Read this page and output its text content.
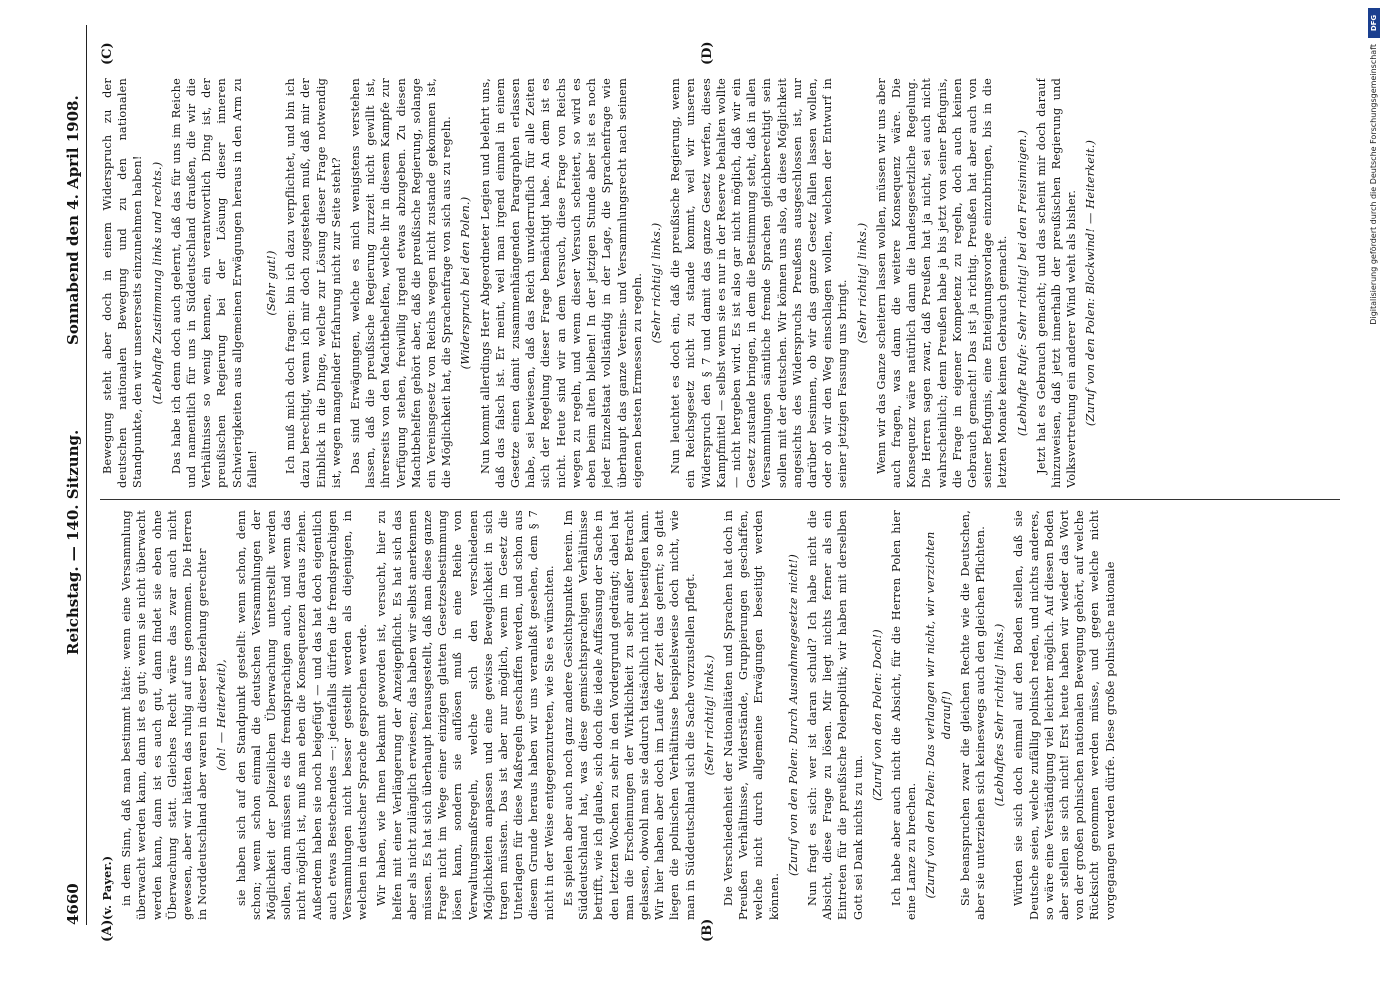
4660
Reichstag. — 140. Sitzung.
Sonnabend den 4. April 1908.
(A)	(B)
(C)	(D)

(v. Payer.) in dem Sinn, daß man bestimmt hätte: wenn eine Versammlung überwacht werden kann, dann ist es gut; wenn sie nicht überwacht werden kann, dann ist es auch gut, dann findet sie eben ohne Überwachung statt. Gleiches Recht wäre das zwar auch nicht gewesen, aber wir hätten das ruhig auf uns genommen. Die Herren in Norddeutschland aber waren in dieser Beziehung gerechter (oh! — Heiterkeit), sie haben sich auf den Standpunkt gestellt: wenn schon, denn schon; wenn schon einmal die deutschen Versammlungen der Möglichkeit der polizeilichen Überwachung unterstellt werden sollen, dann müssen es die fremdsprachigen auch, und wenn das nicht möglich ist, muß man eben die Konsequenzen daraus ziehen. Außerdem haben sie noch beigefügt — und das hat doch eigentlich auch etwas Bestechendes —: jedenfalls dürfen die fremdsprachigen Versammlungen nicht besser gestellt werden als diejenigen, in welchen in deutscher Sprache gesprochen werde. Wir haben, wie Ihnen bekannt geworden ist, versucht, hier zu helfen mit einer Verlängerung der Anzeigepflicht. Es hat sich das aber als nicht zulänglich erwiesen; das haben wir selbst anerkennen müssen. Es hat sich überhaupt herausgestellt, daß man diese ganze Frage nicht im Wege einer einzigen glatten Gesetzesbestimmung lösen kann, sondern sie auflösen muß in eine Reihe von Verwaltungsmaßregeln, welche sich den verschiedenen Möglichkeiten anpassen und eine gewisse Beweglichkeit in sich tragen müssten. Das ist aber nur möglich, wenn im Gesetz die Unterlagen für diese Maßregeln geschaffen werden, und schon aus diesem Grunde heraus haben wir uns veranlaßt gesehen, dem § 7 nicht in der Weise entgegenzutreten, wie Sie es wünschten. Es spielen aber auch noch ganz andere Gesichtspunkte herein. Im Süddeutschland hat, was diese gemischtsprachigen Verhältnisse betrifft, wie ich glaube, sich doch die ideale Auffassung der Sache in den letzten Wochen zu sehr in den Vordergrund gedrängt; dabei hat man die Erscheinungen der Wirklichkeit zu sehr außer Betracht gelassen, obwohl man sie dadurch tatsächlich nicht beseitigen kann. Wir hier haben aber doch im Laufe der Zeit das gelernt; so glatt liegen die polnischen Verhältnisse beispielsweise doch nicht, wie man in Süddeutschland sich die Sache vorzustellen pflegt. (Sehr richtig! links.) Die Verschiedenheit der Nationalitäten und Sprachen hat doch in Preußen Verhältnisse, Widerstände, Gruppierungen geschaffen, welche nicht durch allgemeine Erwägungen beseitigt werden können.

(Zuruf von den Polen: Durch Ausnahmegesetze nicht!) Nun fragt es sich: wer ist daran schuld? Ich habe nicht die Absicht, diese Frage zu lösen. Mir liegt nichts ferner als ein Eintreten für die preußische Polenpolitik; wir haben mit derselben Gott sei Dank nichts zu tun.

(Zuruf von den Polen: Doch!) Ich habe aber auch nicht die Absicht, für die Herren Polen hier eine Lanze zu brechen. (Zuruf von den Polen: Das verlangen wir nicht, wir verzichten darauf!) Sie beanspruchen zwar die gleichen Rechte wie die Deutschen, aber sie unterziehen sich keineswegs auch den gleichen Pflichten. (Lebhaftes Sehr richtig! links.) Würden sie sich doch einmal auf den Boden stellen, daß sie Deutsche seien, welche zufällig polnisch reden, und nichts anderes, so wäre eine Verständigung viel leichter möglich. Auf diesen Boden aber stellen sie sich nicht! Erst heute haben wir wieder das Wort von der großen polnischen nationalen Bewegung gehört, auf welche Rücksicht genommen werden müsse, und gegen welche nicht vorgegangen werden dürfe. Diese große polnische nationale

Bewegung steht aber doch in einem Widerspruch zu der deutschen nationalen Bewegung und zu den nationalen Standpunkte, den wir unsererseits einzunehmen haben! (Lebhafte Zustimmung links und rechts.) Das habe ich denn doch auch gelernt, daß das für uns im Reiche und namentlich für uns in Süddeutschland draußen, die wir die Verhältnisse so wenig kennen, ein verantwortlich Ding ist, der preußischen Regierung bei der Lösung dieser inneren Schwierigkeiten aus allgemeinen Erwägungen heraus in den Arm zu fallen!

(Sehr gut!) Ich muß mich doch fragen: bin ich dazu verpflichtet, und bin ich dazu berechtigt, wenn ich mir doch zugestehen muß, daß mir der Einblick in die Dinge, welche zur Lösung dieser Frage notwendig ist, wegen mangelnder Erfahrung nicht zur Seite steht? Das sind Erwägungen, welche es mich wenigstens verstehen lassen, daß die preußische Regierung zurzeit nicht gewillt ist, ihrerseits von den Machtbehelfen, welche ihr in diesem Kampfe zur Verfügung stehen, freiwillig irgend etwas abzugeben. Zu diesen Machtbehelfen gehört aber, daß die preußische Regierung, solange ein Vereinsgesetz von Reichs wegen nicht zustande gekommen ist, die Möglichkeit hat, die Sprachenfrage von sich aus zu regeln. (Widerspruch bei den Polen.) Nun kommt allerdings Herr Abgeordneter Legien und belehrt uns, daß das falsch ist. Er meint, weil man irgend einmal in einem Gesetze einen damit zusammenhängenden Paragraphen erlassen habe, sei bewiesen, daß das Reich unwiderruflich für alle Zeiten sich der Regelung dieser Frage bemächtigt habe. An dem ist es nicht. Heute sind wir an dem Versuch, diese Frage von Reichs wegen zu regeln, und wenn dieser Versuch scheitert, so wird es eben beim alten bleiben! In der jetzigen Stunde aber ist es noch jeder Einzelstaat vollständig in der Lage, die Sprachenfrage wie überhaupt das ganze Vereins- und Versammlungsrecht nach seinem eigenen besten Ermessen zu regeln. (Sehr richtig! links.) Nun leuchtet es doch ein, daß die preußische Regierung, wenn ein Reichsgesetz nicht zu stande kommt, weil wir unseren Widerspruch den § 7 und damit das ganze Gesetz werfen, dieses Kampfmittel — selbst wenn sie es nur in der Reserve behalten wollte — nicht hergeben wird. Es ist also gar nicht möglich, daß wir ein Gesetz zustande bringen, in dem die Bestimmung steht, daß in allen Versammlungen sämtliche fremde Sprachen gleichberechtigt sein sollen mit der deutschen. Wir können uns also, da diese Möglichkeit angesichts des Widerspruchs Preußens ausgeschlossen ist, nur darüber besinnen, ob wir das ganze Gesetz fallen lassen wollen, oder ob wir den Weg einschlagen wollen, welchen der Entwurf in seiner jetzigen Fassung uns bringt. (Sehr richtig! links.) Wenn wir das Ganze scheitern lassen wollen, müssen wir uns aber auch fragen, was dann die weitere Konsequenz wäre. Die Konsequenz wäre natürlich dann die landesgesetzliche Regelung. Die Herren sagen zwar, daß Preußen hat ja nicht, sei auch nicht wahrscheinlich; denn Preußen habe ja bis jetzt von seiner Befugnis, die Frage in eigener Kompetenz zu regeln, doch auch keinen Gebrauch gemacht! Das ist ja richtig. Preußen hat aber auch von seiner Befugnis, eine Enteignungsvorlage einzubringen, bis in die letzten Monate keinen Gebrauch gemacht. (Lebhafte Rufe: Sehr richtig! bei den Freisinnigen.) Jetzt hat es Gebrauch gemacht; und das scheint mir doch darauf hinzuweisen, daß jetzt innerhalb der preußischen Regierung und Volksvertretung ein anderer Wind weht als bisher. (Zuruf von den Polen: Blockwind! — Heiterkeit.)

DFG
Digitalisierung gefördert durch die Deutsche Forschungsgemeinschaft
